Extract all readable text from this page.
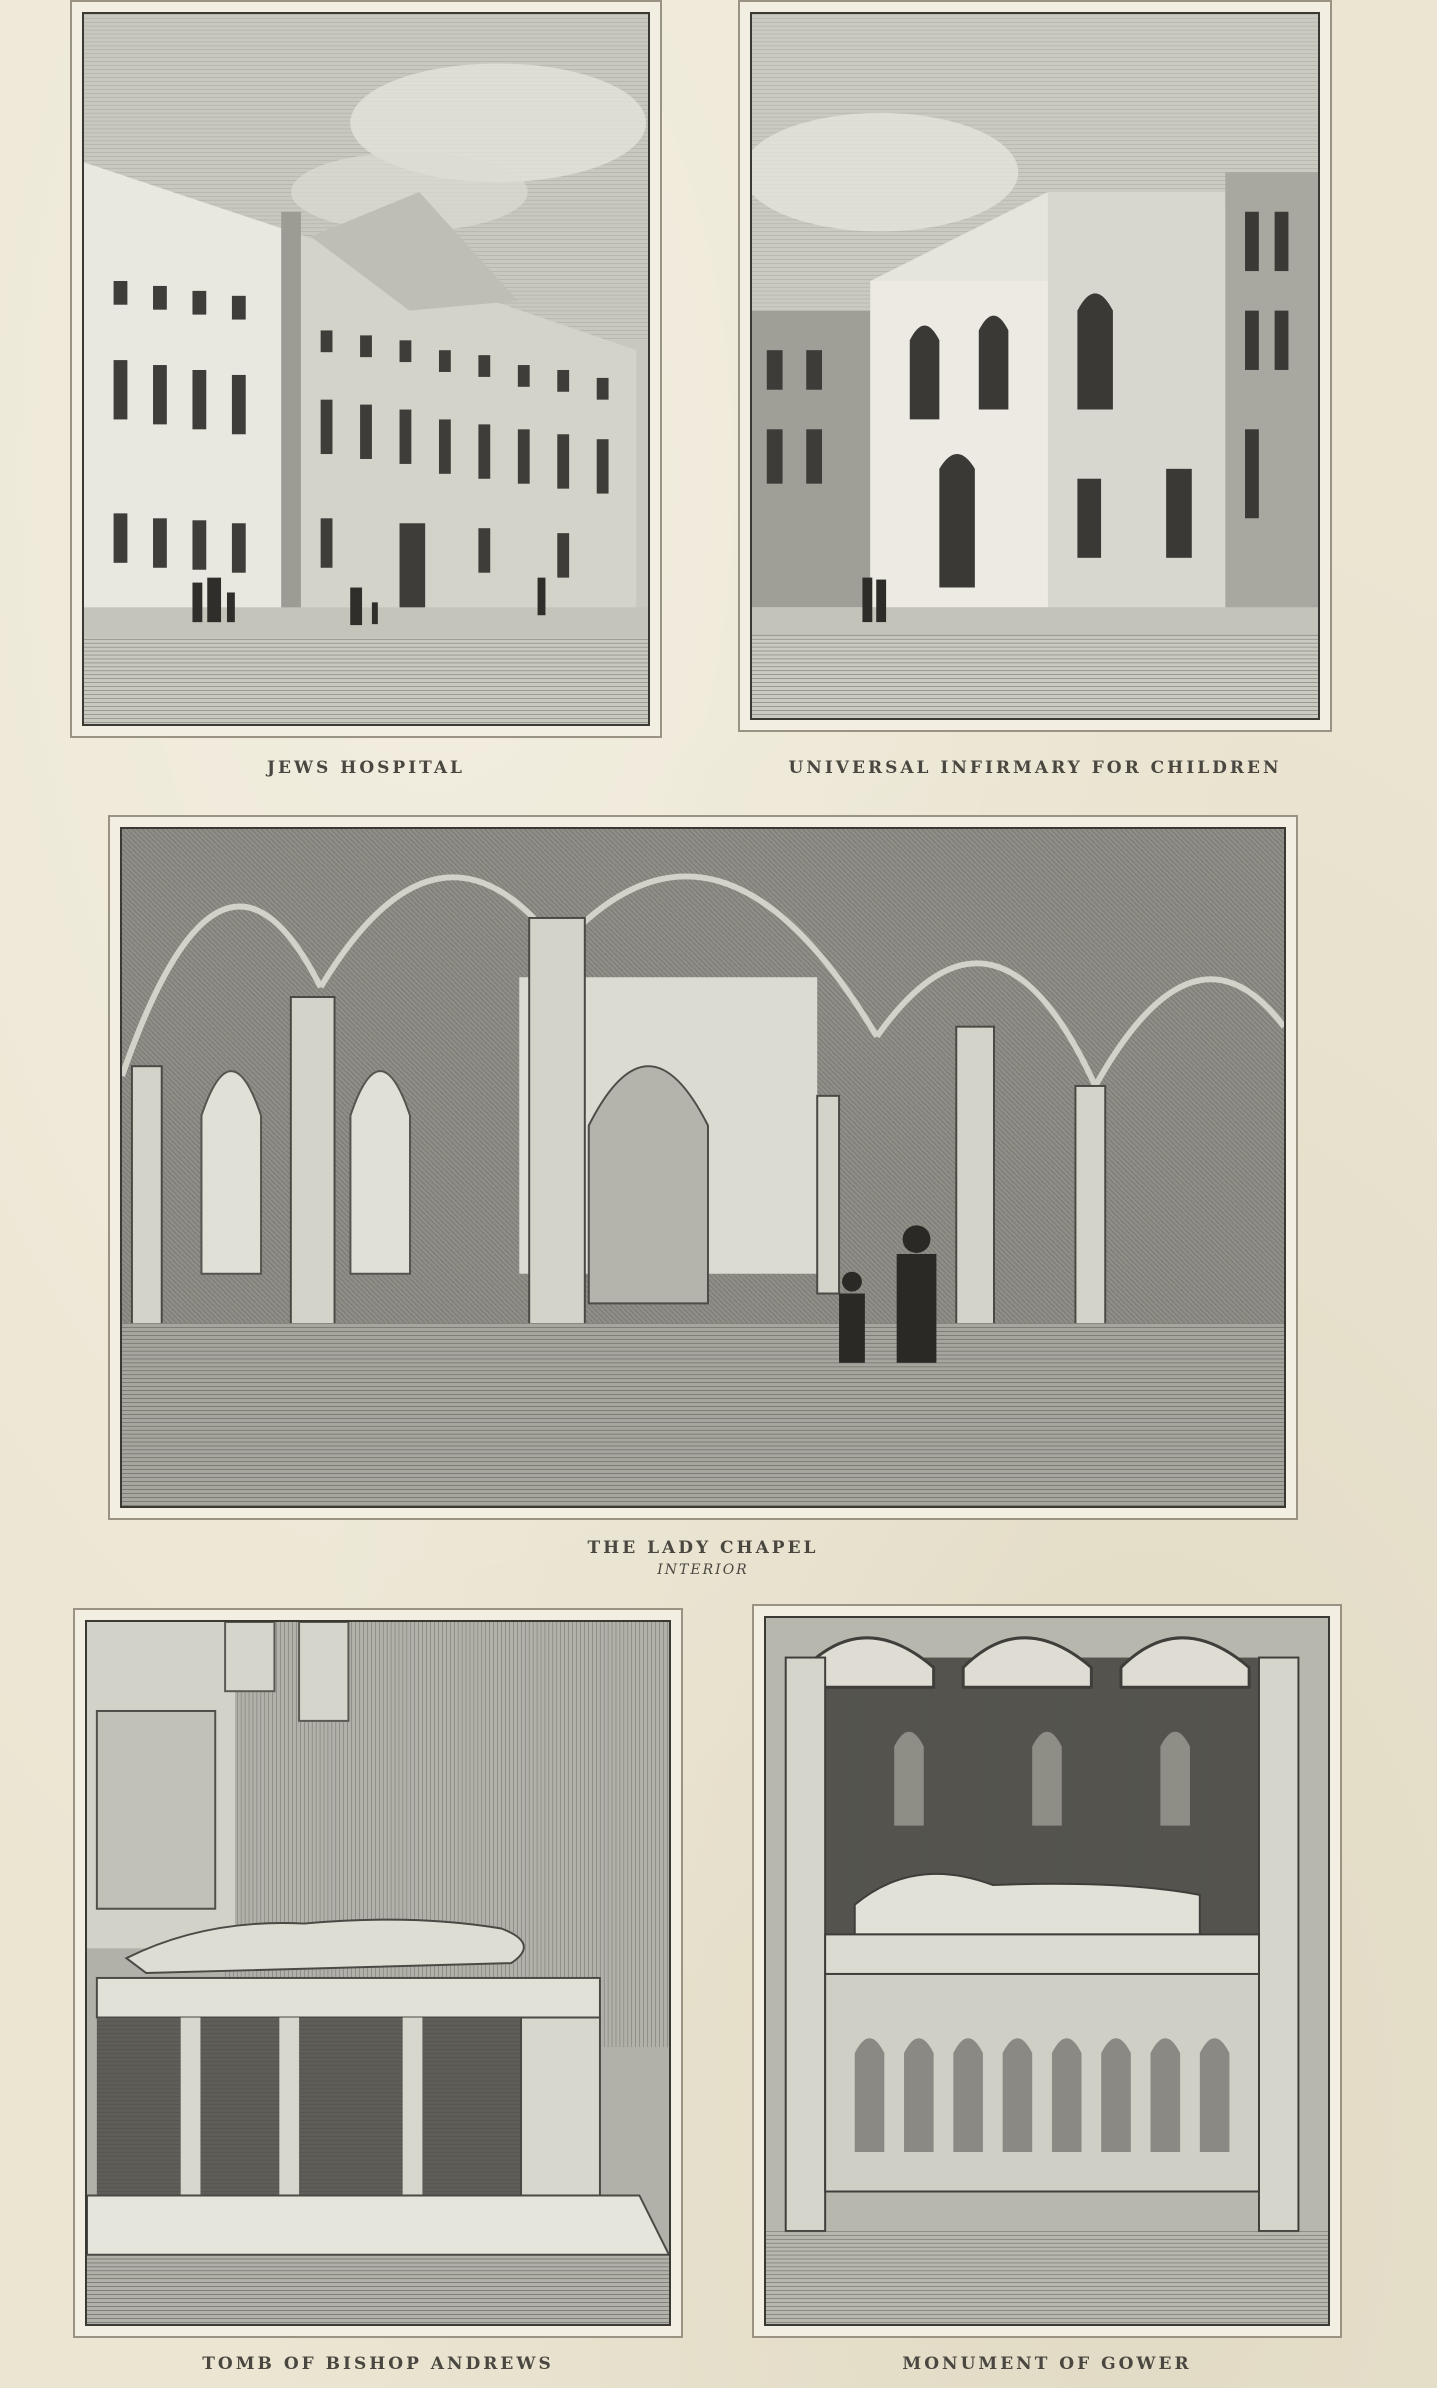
JEWS HOSPITAL	UNIVERSAL INFIRMARY FOR CHILDREN
THE LADY CHAPEL
INTERIOR
TOMB OF BISHOP ANDREWS	MONUMENT OF GOWER
